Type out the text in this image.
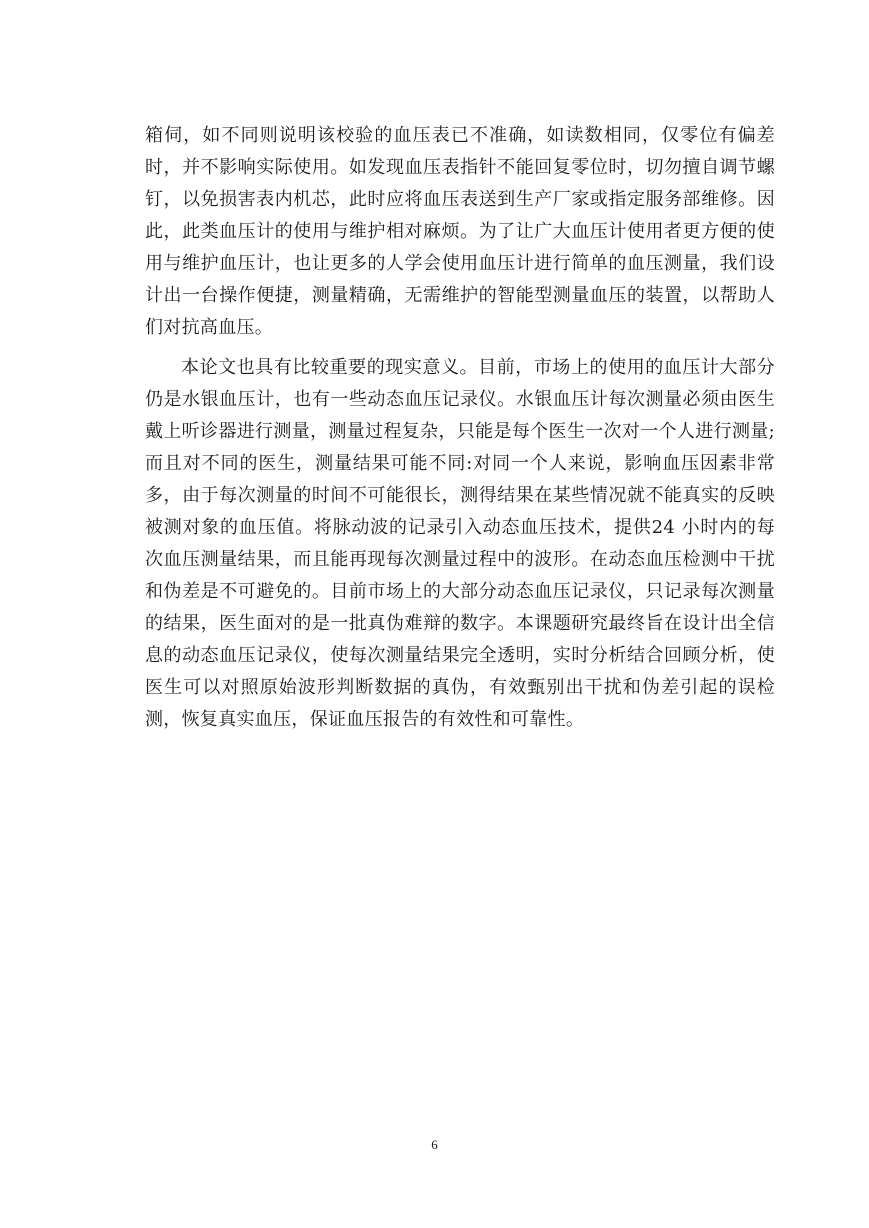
箱伺，如不同则说明该校验的血压表已不准确，如读数相同，仅零位有偏差时，并不影响实际使用。如发现血压表指针不能回复零位时，切勿擅自调节螺钉，以免损害表内机芯，此时应将血压表送到生产厂家或指定服务部维修。因此，此类血压计的使用与维护相对麻烦。为了让广大血压计使用者更方便的使用与维护血压计，也让更多的人学会使用血压计进行简单的血压测量，我们设计出一台操作便捷，测量精确，无需维护的智能型测量血压的装置，以帮助人们对抗高血压。

本论文也具有比较重要的现实意义。目前，市场上的使用的血压计大部分仍是水银血压计，也有一些动态血压记录仪。水银血压计每次测量必须由医生戴上听诊器进行测量，测量过程复杂，只能是每个医生一次对一个人进行测量;而且对不同的医生，测量结果可能不同:对同一个人来说，影响血压因素非常多，由于每次测量的时间不可能很长，测得结果在某些情况就不能真实的反映被测对象的血压值。将脉动波的记录引入动态血压技术，提供24 小时内的每次血压测量结果，而且能再现每次测量过程中的波形。在动态血压检测中干扰和伪差是不可避免的。目前市场上的大部分动态血压记录仪，只记录每次测量的结果，医生面对的是一批真伪难辩的数字。本课题研究最终旨在设计出全信息的动态血压记录仪，使每次测量结果完全透明，实时分析结合回顾分析，使医生可以对照原始波形判断数据的真伪，有效甄别出干扰和伪差引起的误检测，恢复真实血压，保证血压报告的有效性和可靠性。

6
